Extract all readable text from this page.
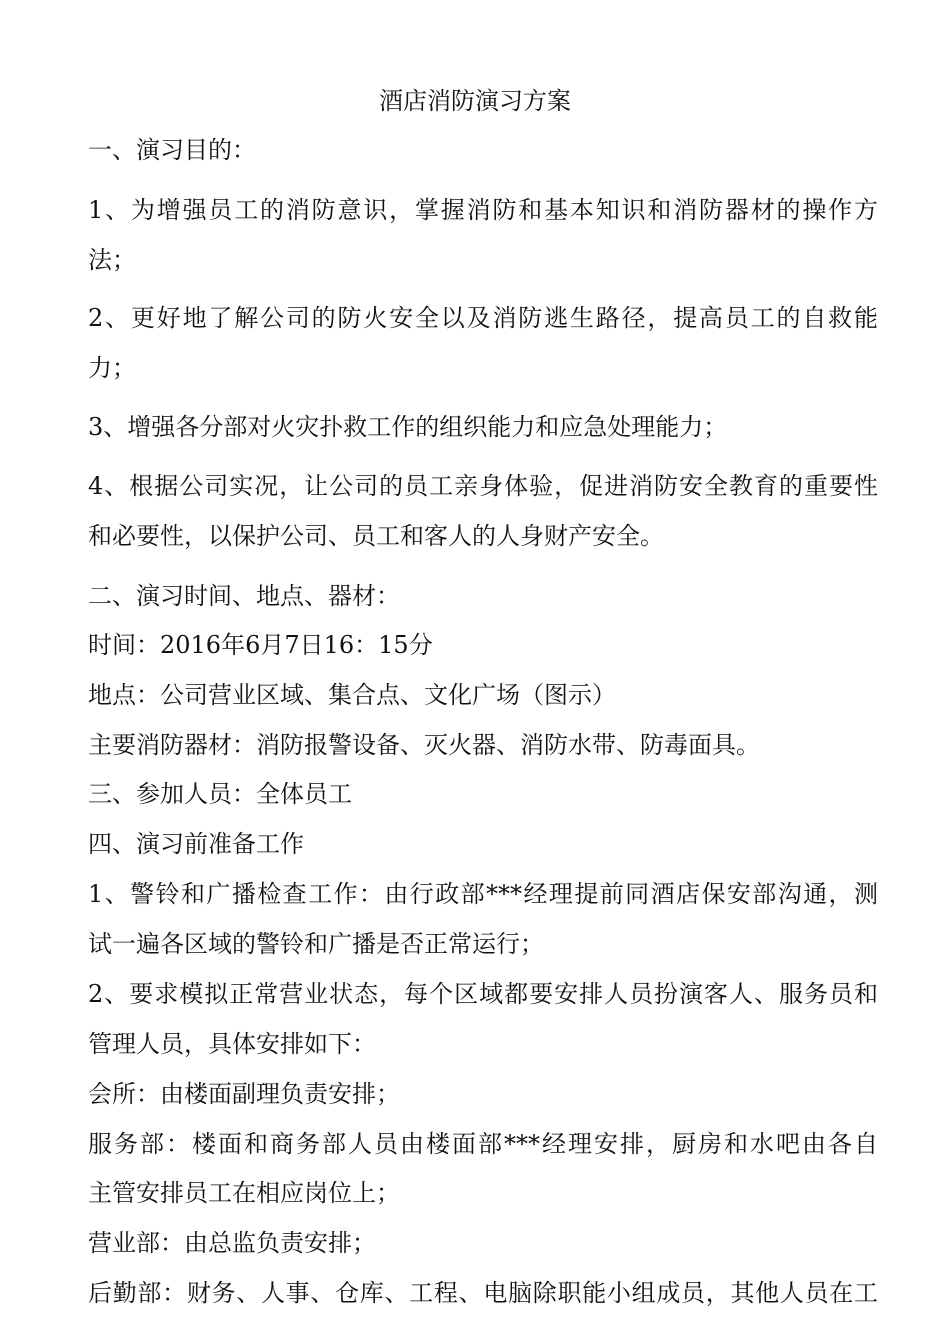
酒店消防演习方案
一、演习目的：
1、为增强员工的消防意识，掌握消防和基本知识和消防器材的操作方
法；
2、更好地了解公司的防火安全以及消防逃生路径，提高员工的自救能
力；
3、增强各分部对火灾扑救工作的组织能力和应急处理能力；
4、根据公司实况，让公司的员工亲身体验，促进消防安全教育的重要性
和必要性，以保护公司、员工和客人的人身财产安全。
二、演习时间、地点、器材：
时间：2016年6月7日16：15分
地点：公司营业区域、集合点、文化广场（图示）
主要消防器材：消防报警设备、灭火器、消防水带、防毒面具。
三、参加人员：全体员工
四、演习前准备工作
1、警铃和广播检查工作：由行政部***经理提前同酒店保安部沟通，测
试一遍各区域的警铃和广播是否正常运行；
2、要求模拟正常营业状态，每个区域都要安排人员扮演客人、服务员和
管理人员，具体安排如下：
会所：由楼面副理负责安排；
服务部：楼面和商务部人员由楼面部***经理安排，厨房和水吧由各自
主管安排员工在相应岗位上；
营业部：由总监负责安排；
后勤部：财务、人事、仓库、工程、电脑除职能小组成员，其他人员在工
